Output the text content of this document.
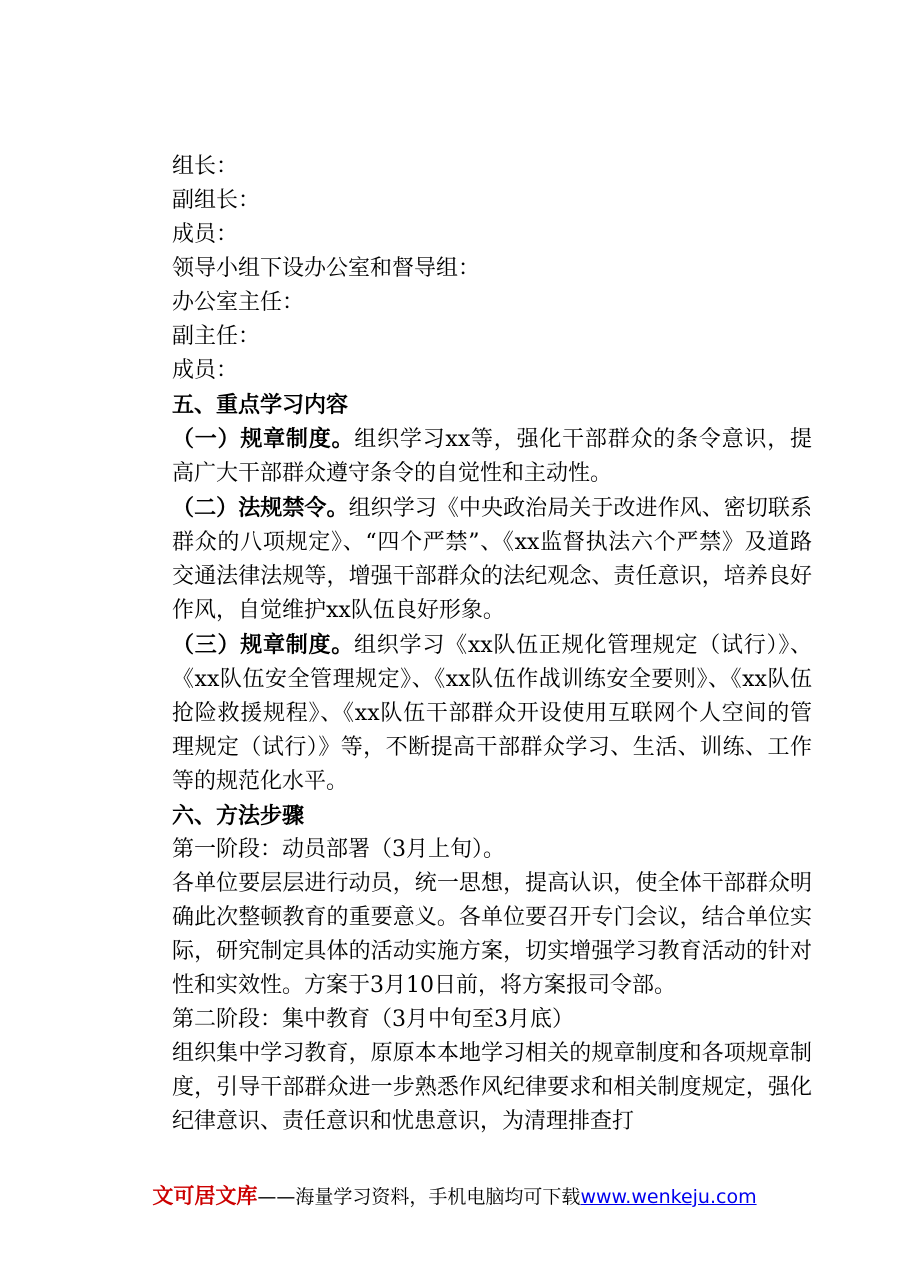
组长：
副组长：
成员：
领导小组下设办公室和督导组：
办公室主任：
副主任：
成员：
五、重点学习内容

（一）规章制度。组织学习xx等，强化干部群众的条令意识，提高广大干部群众遵守条令的自觉性和主动性。

（二）法规禁令。组织学习《中央政治局关于改进作风、密切联系群众的八项规定》、“四个严禁”、《xx监督执法六个严禁》及道路交通法律法规等，增强干部群众的法纪观念、责任意识，培养良好作风，自觉维护xx队伍良好形象。

（三）规章制度。组织学习《xx队伍正规化管理规定（试行）》、《xx队伍安全管理规定》、《xx队伍作战训练安全要则》、《xx队伍抢险救援规程》、《xx队伍干部群众开设使用互联网个人空间的管理规定（试行）》等，不断提高干部群众学习、生活、训练、工作等的规范化水平。

六、方法步骤
第一阶段：动员部署（3月上旬）。

各单位要层层进行动员，统一思想，提高认识，使全体干部群众明确此次整顿教育的重要意义。各单位要召开专门会议，结合单位实际，研究制定具体的活动实施方案，切实增强学习教育活动的针对性和实效性。方案于3月10日前，将方案报司令部。

第二阶段：集中教育（3月中旬至3月底）

组织集中学习教育，原原本本地学习相关的规章制度和各项规章制度，引导干部群众进一步熟悉作风纪律要求和相关制度规定，强化纪律意识、责任意识和忧患意识，为清理排查打

文可居文库——海量学习资料，手机电脑均可下载www.wenkeju.com
